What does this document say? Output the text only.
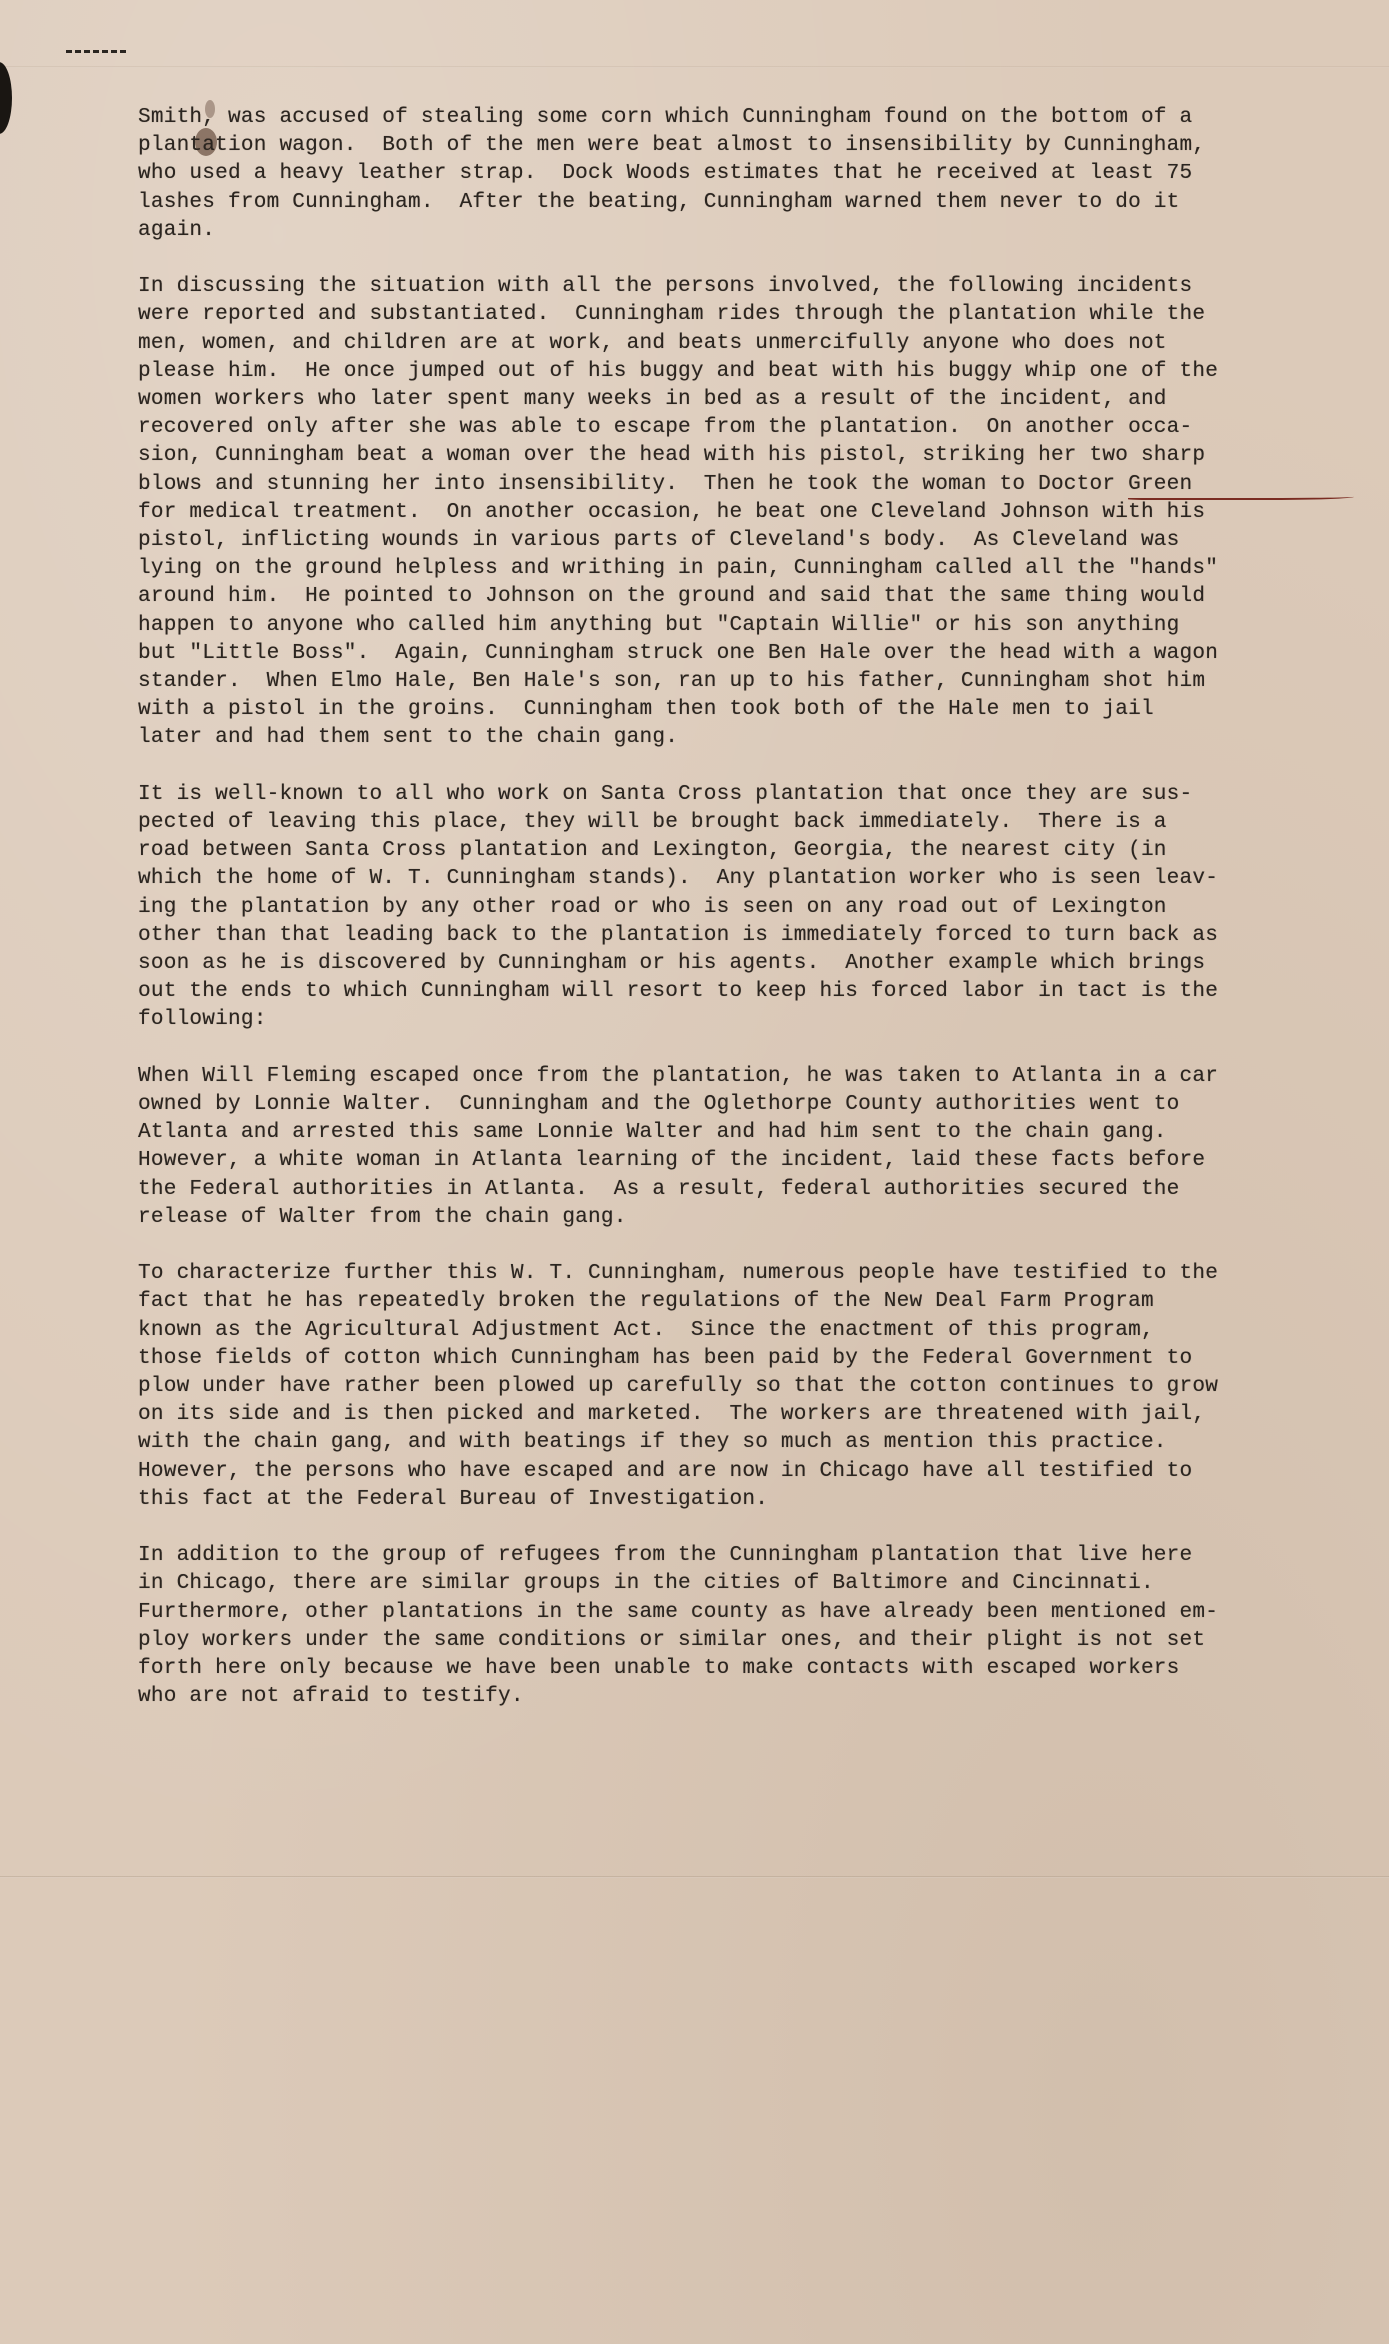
Smith, was accused of stealing some corn which Cunningham found on the bottom of a
plantation wagon.  Both of the men were beat almost to insensibility by Cunningham,
who used a heavy leather strap.  Dock Woods estimates that he received at least 75
lashes from Cunningham.  After the beating, Cunningham warned them never to do it
again.
In discussing the situation with all the persons involved, the following incidents
were reported and substantiated.  Cunningham rides through the plantation while the
men, women, and children are at work, and beats unmercifully anyone who does not
please him.  He once jumped out of his buggy and beat with his buggy whip one of the
women workers who later spent many weeks in bed as a result of the incident, and
recovered only after she was able to escape from the plantation.  On another occa-
sion, Cunningham beat a woman over the head with his pistol, striking her two sharp
blows and stunning her into insensibility.  Then he took the woman to Doctor Green
for medical treatment.  On another occasion, he beat one Cleveland Johnson with his
pistol, inflicting wounds in various parts of Cleveland's body.  As Cleveland was
lying on the ground helpless and writhing in pain, Cunningham called all the "hands"
around him.  He pointed to Johnson on the ground and said that the same thing would
happen to anyone who called him anything but "Captain Willie" or his son anything
but "Little Boss".  Again, Cunningham struck one Ben Hale over the head with a wagon
stander.  When Elmo Hale, Ben Hale's son, ran up to his father, Cunningham shot him
with a pistol in the groins.  Cunningham then took both of the Hale men to jail
later and had them sent to the chain gang.
It is well-known to all who work on Santa Cross plantation that once they are sus-
pected of leaving this place, they will be brought back immediately.  There is a
road between Santa Cross plantation and Lexington, Georgia, the nearest city (in
which the home of W. T. Cunningham stands).  Any plantation worker who is seen leav-
ing the plantation by any other road or who is seen on any road out of Lexington
other than that leading back to the plantation is immediately forced to turn back as
soon as he is discovered by Cunningham or his agents.  Another example which brings
out the ends to which Cunningham will resort to keep his forced labor in tact is the
following:
When Will Fleming escaped once from the plantation, he was taken to Atlanta in a car
owned by Lonnie Walter.  Cunningham and the Oglethorpe County authorities went to
Atlanta and arrested this same Lonnie Walter and had him sent to the chain gang.
However, a white woman in Atlanta learning of the incident, laid these facts before
the Federal authorities in Atlanta.  As a result, federal authorities secured the
release of Walter from the chain gang.
To characterize further this W. T. Cunningham, numerous people have testified to the
fact that he has repeatedly broken the regulations of the New Deal Farm Program
known as the Agricultural Adjustment Act.  Since the enactment of this program,
those fields of cotton which Cunningham has been paid by the Federal Government to
plow under have rather been plowed up carefully so that the cotton continues to grow
on its side and is then picked and marketed.  The workers are threatened with jail,
with the chain gang, and with beatings if they so much as mention this practice.
However, the persons who have escaped and are now in Chicago have all testified to
this fact at the Federal Bureau of Investigation.
In addition to the group of refugees from the Cunningham plantation that live here
in Chicago, there are similar groups in the cities of Baltimore and Cincinnati.
Furthermore, other plantations in the same county as have already been mentioned em-
ploy workers under the same conditions or similar ones, and their plight is not set
forth here only because we have been unable to make contacts with escaped workers
who are not afraid to testify.
